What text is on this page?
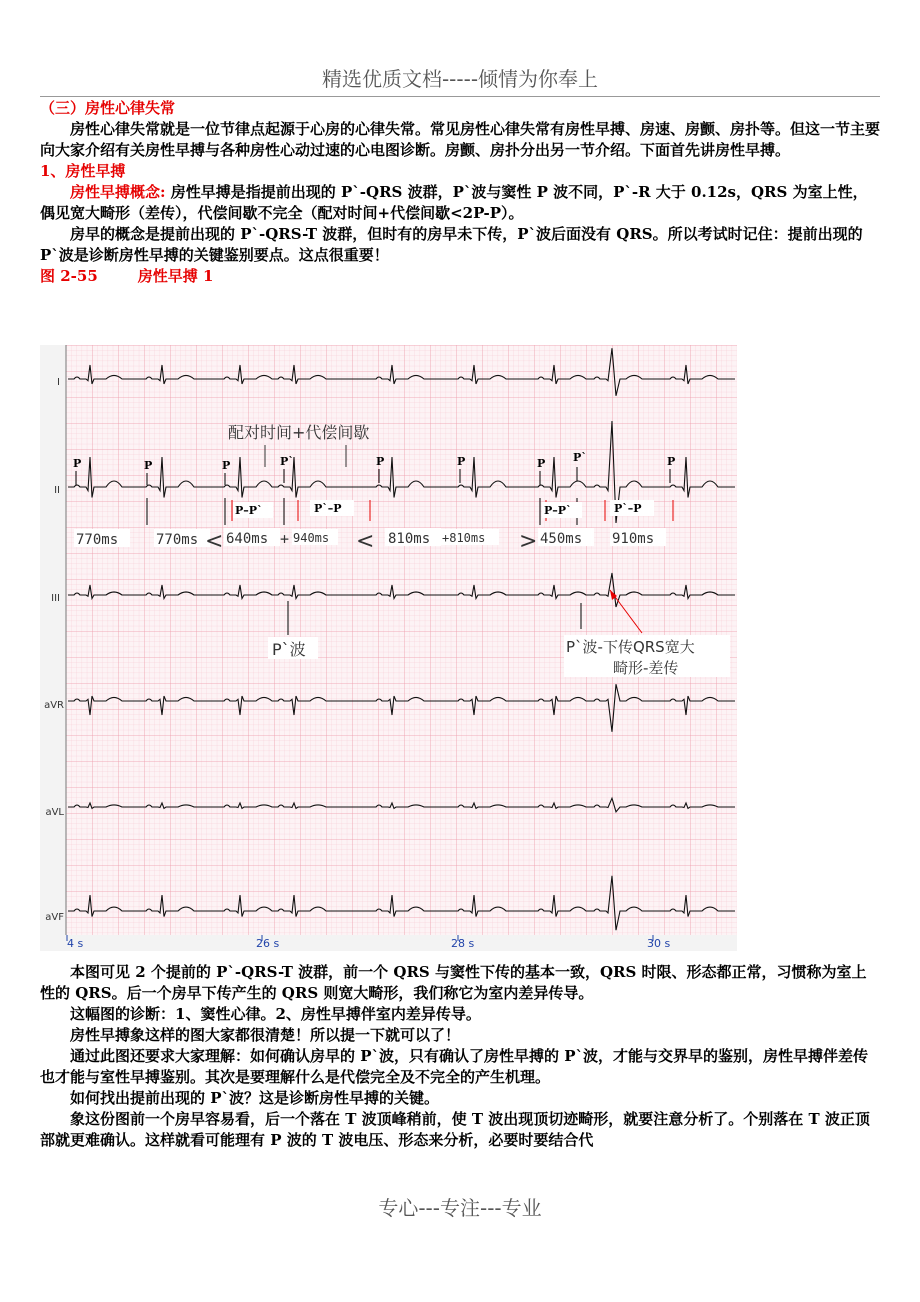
精选优质文档-----倾情为你奉上

（三）房性心律失常

房性心律失常就是一位节律点起源于心房的心律失常。常见房性心律失常有房性早搏、房速、房颤、房扑等。但这一节主要向大家介绍有关房性早搏与各种房性心动过速的心电图诊断。房颤、房扑分出另一节介绍。下面首先讲房性早搏。

1、房性早搏

房性早搏概念: 房性早搏是指提前出现的 P`-QRS 波群，P`波与窦性 P 波不同，P`-R 大于 0.12s，QRS 为室上性，偶见宽大畸形（差传），代偿间歇不完全（配对时间+代偿间歇<2P-P）。

房早的概念是提前出现的 P`-QRS-T 波群，但时有的房早未下传，P`波后面没有 QRS。所以考试时记住：提前出现的 P`波是诊断房性早搏的关键鉴别要点。这点很重要！

图 2-55	房性早搏 1

I
II
III
aVR
aVL
aVF
4 s	26 s	28 s	30 s
配对时间+代偿间歇
P	P	P	P`	P	P	P	P`	P
P–P`	P`–P	P–P`	P`–P
770ms	770ms < 640ms + 940ms < 810ms +810ms > 450ms 910ms
P`波	P`波-下传QRS宽大
畸形-差传

本图可见 2 个提前的 P`-QRS-T 波群，前一个 QRS 与窦性下传的基本一致，QRS 时限、形态都正常，习惯称为室上性的 QRS。后一个房早下传产生的 QRS 则宽大畸形，我们称它为室内差异传导。

这幅图的诊断：1、窦性心律。2、房性早搏伴室内差异传导。

房性早搏象这样的图大家都很清楚！所以提一下就可以了！

通过此图还要求大家理解：如何确认房早的 P`波，只有确认了房性早搏的 P`波，才能与交界早的鉴别，房性早搏伴差传也才能与室性早搏鉴别。其次是要理解什么是代偿完全及不完全的产生机理。

如何找出提前出现的 P`波？这是诊断房性早搏的关键。

象这份图前一个房早容易看，后一个落在 T 波顶峰稍前，使 T 波出现顶切迹畸形，就要注意分析了。个别落在 T 波正顶部就更难确认。这样就看可能理有 P 波的 T 波电压、形态来分析，必要时要结合代

专心---专注---专业
